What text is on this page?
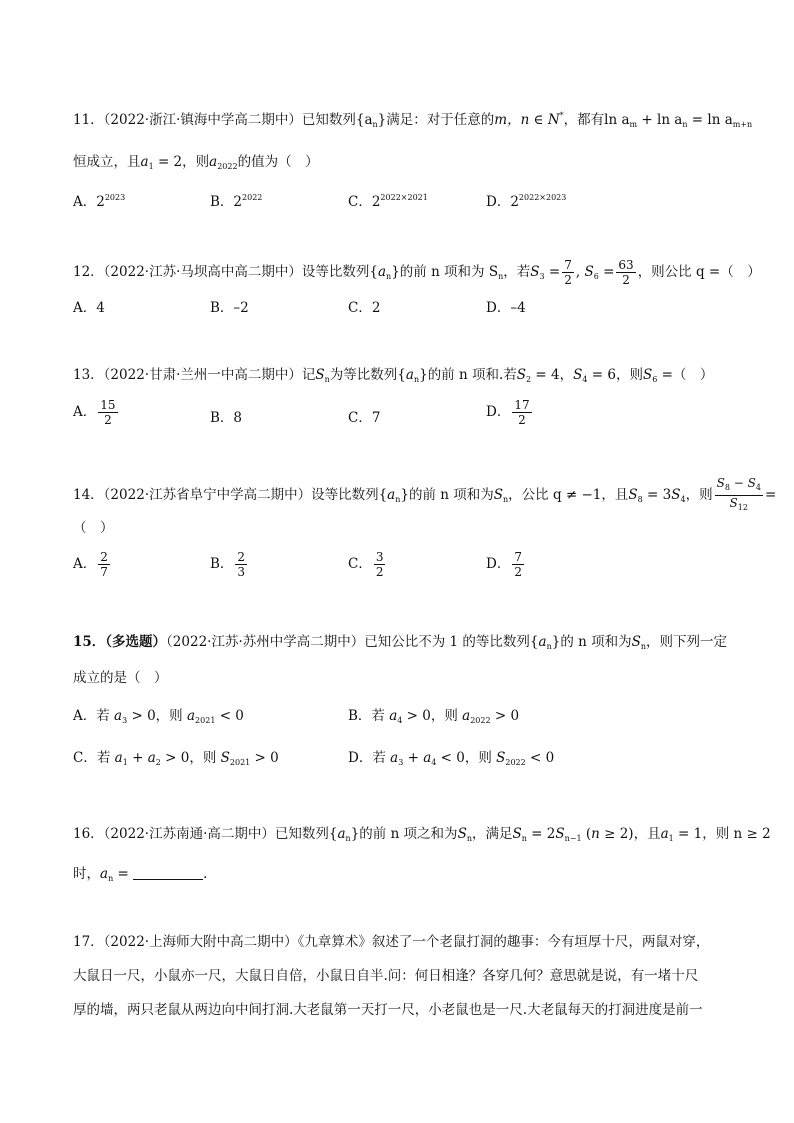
11．（2022·浙江·镇海中学高二期中）已知数列$\{a_n\}$满足：对于任意的m，n ∈ N*，都有$\ln a_m + \ln a_n = \ln a_{m+n}$
恒成立，且$a_1 = 2$，则$a_{2022}$的值为（　）
A．$2^{2023}$	B．$2^{2022}$	C．$2^{2022\times 2021}$	D．$2^{2022\times 2023}$
12．（2022·江苏·马坝高中高二期中）设等比数列$\{a_n\}$的前 n 项和为 $S_n$，若$S_3 = \frac{7}{2}$ , $S_6 = \frac{63}{2}$ ，则公比 q =（　）
A．4	B．–2	C．2	D．–4
13．（2022·甘肃·兰州一中高二期中）记$S_n$为等比数列$\{a_n\}$的前 n 项和.若$S_2 = 4$，$S_4 = 6$，则$S_6$ =（　）
A． $\frac{15}{2}$	B．8	C．7	D． $\frac{17}{2}$
14．（2022·江苏省阜宁中学高二期中）设等比数列$\{a_n\}$的前 n 项和为$S_n$，公比 q ≠ −1，且$S_8 = 3S_4$，则 $\frac{S_8 - S_4}{S_{12}}$ =
（　）
A． $\frac{2}{7}$	B． $\frac{2}{3}$	C． $\frac{3}{2}$	D． $\frac{7}{2}$
15．（多选题）（2022·江苏·苏州中学高二期中）已知公比不为 1 的等比数列$\{a_n\}$的 n 项和为$S_n$，则下列一定
成立的是（　）
A．若 $a_3 > 0$，则 $a_{2021} < 0$	B．若 $a_4 > 0$，则 $a_{2022} > 0$
C．若 $a_1 + a_2 > 0$，则 $S_{2021} > 0$	D．若 $a_3 + a_4 < 0$，则 $S_{2022} < 0$
16．（2022·江苏南通·高二期中）已知数列$\{a_n\}$的前 n 项之和为$S_n$，满足$S_n = 2S_{n-1}$ (n ≥ 2)，且$a_1 = 1$，则 n ≥ 2
时，$a_n$ =	.
17．（2022·上海师大附中高二期中）《九章算术》叙述了一个老鼠打洞的趣事：今有垣厚十尺，两鼠对穿，
大鼠日一尺，小鼠亦一尺，大鼠日自倍，小鼠日自半.问：何日相逢？各穿几何？意思就是说，有一堵十尺
厚的墙，两只老鼠从两边向中间打洞.大老鼠第一天打一尺，小老鼠也是一尺.大老鼠每天的打洞进度是前一
